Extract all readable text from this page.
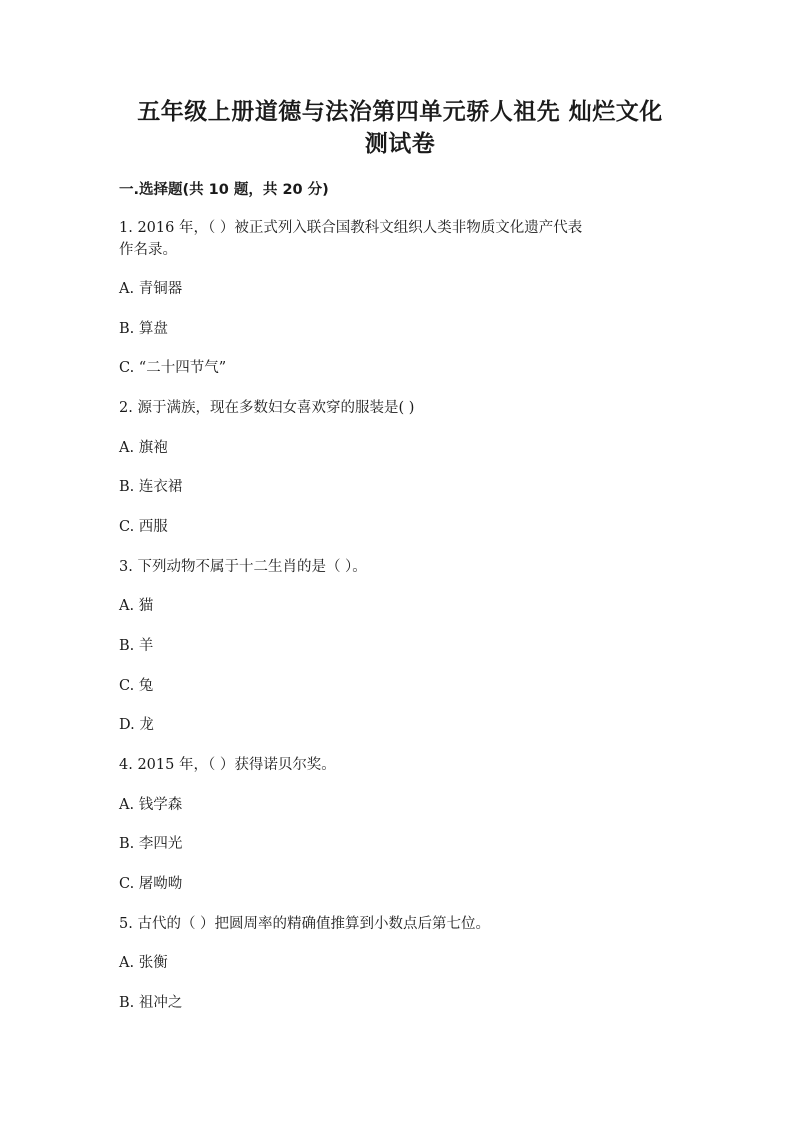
五年级上册道德与法治第四单元骄人祖先 灿烂文化
测试卷
一.选择题(共 10 题，共 20 分)
1. 2016 年，（ ）被正式列入联合国教科文组织人类非物质文化遗产代表
作名录。
A. 青铜器
B. 算盘
C. “二十四节气”
2. 源于满族，现在多数妇女喜欢穿的服装是( )
A. 旗袍
B. 连衣裙
C. 西服
3. 下列动物不属于十二生肖的是（ ）。
A. 猫
B. 羊
C. 兔
D. 龙
4. 2015 年，（ ）获得诺贝尔奖。
A. 钱学森
B. 李四光
C. 屠呦呦
5. 古代的（ ）把圆周率的精确值推算到小数点后第七位。
A. 张衡
B. 祖冲之
